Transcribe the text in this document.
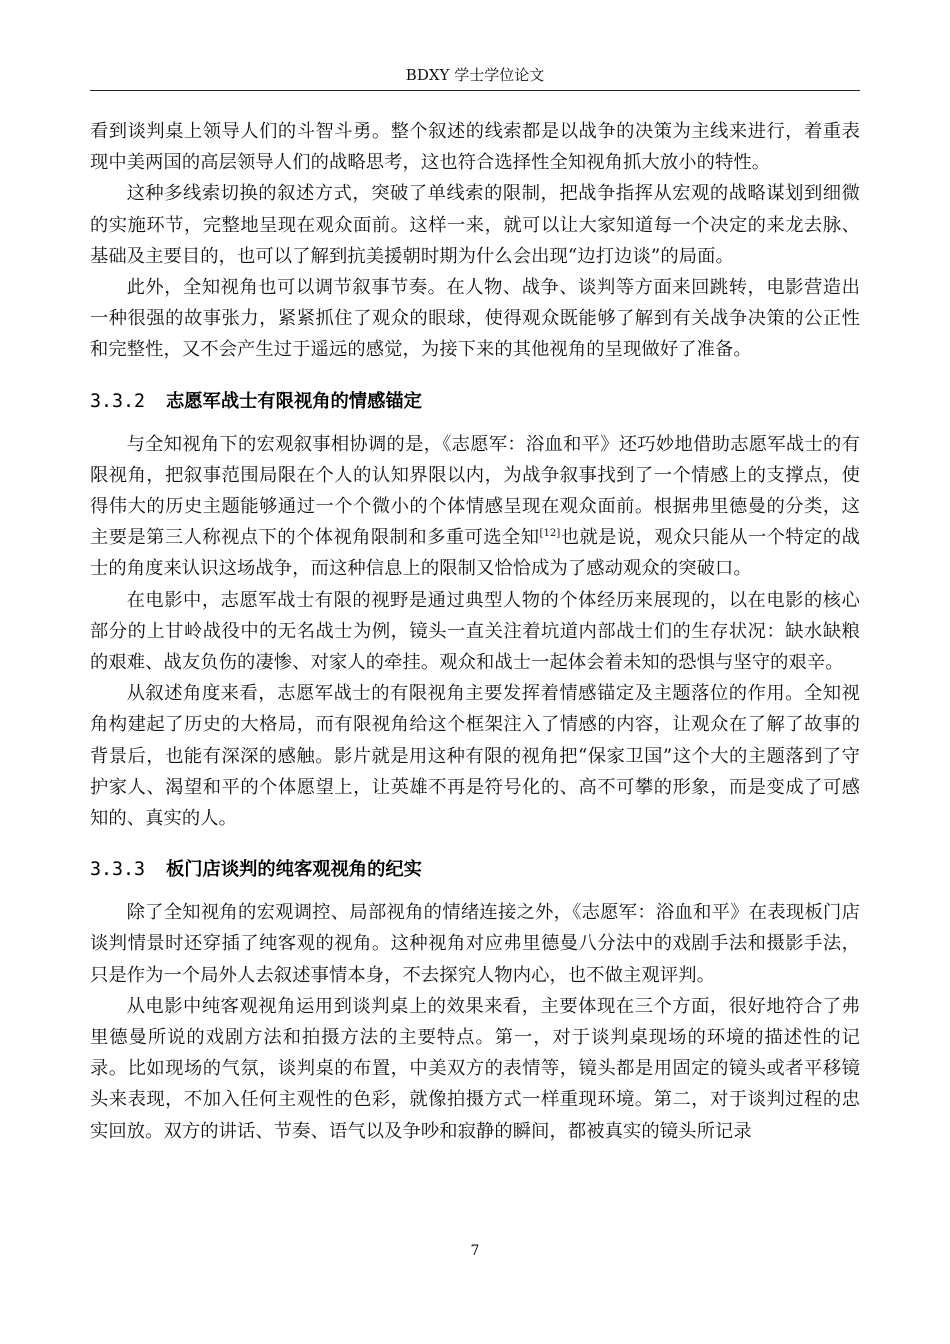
BDXY 学士学位论文

看到谈判桌上领导人们的斗智斗勇。整个叙述的线索都是以战争的决策为主线来进行，着重表现中美两国的高层领导人们的战略思考，这也符合选择性全知视角抓大放小的特性。

这种多线索切换的叙述方式，突破了单线索的限制，把战争指挥从宏观的战略谋划到细微的实施环节，完整地呈现在观众面前。这样一来，就可以让大家知道每一个决定的来龙去脉、基础及主要目的，也可以了解到抗美援朝时期为什么会出现“边打边谈”的局面。

此外，全知视角也可以调节叙事节奏。在人物、战争、谈判等方面来回跳转，电影营造出一种很强的故事张力，紧紧抓住了观众的眼球，使得观众既能够了解到有关战争决策的公正性和完整性，又不会产生过于遥远的感觉，为接下来的其他视角的呈现做好了准备。

3.3.2 志愿军战士有限视角的情感锚定

与全知视角下的宏观叙事相协调的是，《志愿军：浴血和平》还巧妙地借助志愿军战士的有限视角，把叙事范围局限在个人的认知界限以内，为战争叙事找到了一个情感上的支撑点，使得伟大的历史主题能够通过一个个微小的个体情感呈现在观众面前。根据弗里德曼的分类，这主要是第三人称视点下的个体视角限制和多重可选全知[12]也就是说，观众只能从一个特定的战士的角度来认识这场战争，而这种信息上的限制又恰恰成为了感动观众的突破口。

在电影中，志愿军战士有限的视野是通过典型人物的个体经历来展现的，以在电影的核心部分的上甘岭战役中的无名战士为例，镜头一直关注着坑道内部战士们的生存状况：缺水缺粮的艰难、战友负伤的凄惨、对家人的牵挂。观众和战士一起体会着未知的恐惧与坚守的艰辛。

从叙述角度来看，志愿军战士的有限视角主要发挥着情感锚定及主题落位的作用。全知视角构建起了历史的大格局，而有限视角给这个框架注入了情感的内容，让观众在了解了故事的背景后，也能有深深的感触。影片就是用这种有限的视角把“保家卫国”这个大的主题落到了守护家人、渴望和平的个体愿望上，让英雄不再是符号化的、高不可攀的形象，而是变成了可感知的、真实的人。

3.3.3 板门店谈判的纯客观视角的纪实

除了全知视角的宏观调控、局部视角的情绪连接之外，《志愿军：浴血和平》在表现板门店谈判情景时还穿插了纯客观的视角。这种视角对应弗里德曼八分法中的戏剧手法和摄影手法，只是作为一个局外人去叙述事情本身，不去探究人物内心，也不做主观评判。

从电影中纯客观视角运用到谈判桌上的效果来看，主要体现在三个方面，很好地符合了弗里德曼所说的戏剧方法和拍摄方法的主要特点。第一，对于谈判桌现场的环境的描述性的记录。比如现场的气氛，谈判桌的布置，中美双方的表情等，镜头都是用固定的镜头或者平移镜头来表现，不加入任何主观性的色彩，就像拍摄方式一样重现环境。第二，对于谈判过程的忠实回放。双方的讲话、节奏、语气以及争吵和寂静的瞬间，都被真实的镜头所记录

7
